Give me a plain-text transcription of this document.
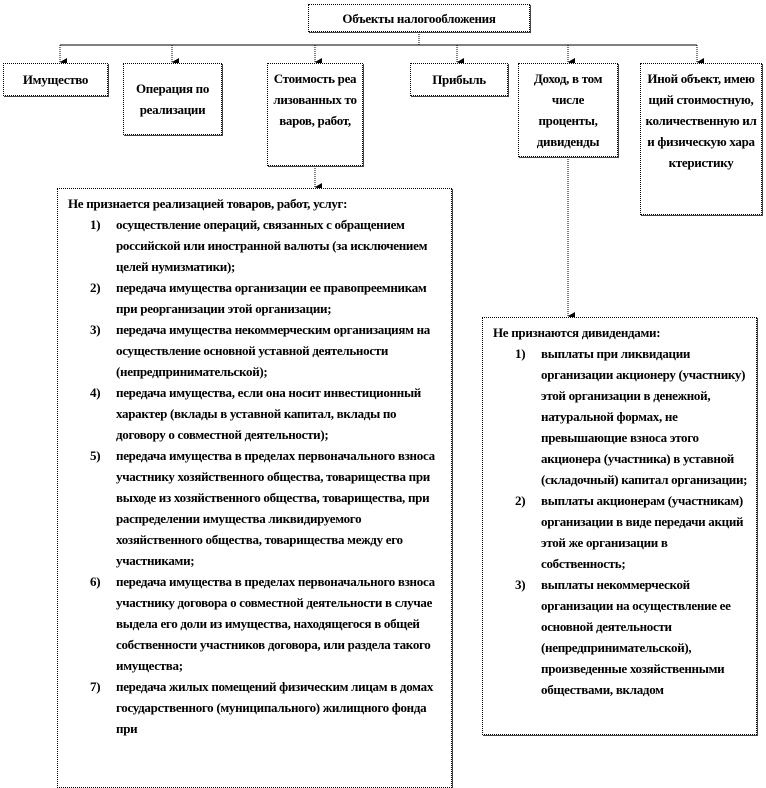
Объекты налогообложения
Имущество
Операция по реализации
Стоимость реализованных товаров, работ,
Прибыль	Доход, в том числе проценты, дивиденды
Иной объект, имеющий стоимостную, количественную или физическую характеристику
Не признается реализацией товаров, работ, услуг:
1) осуществление операций, связанных с обращением российской или иностранной валюты (за исключением целей нумизматики);
2) передача имущества организации ее правопреемникам при реорганизации этой организации;
3) передача имущества некоммерческим организациям на осуществление основной уставной деятельности (непредпринимательской);
4) передача имущества, если она носит инвестиционный характер (вклады в уставной капитал, вклады по договору о совместной деятельности);
5) передача имущества в пределах первоначального взноса участнику хозяйственного общества, товарищества при выходе из хозяйственного общества, товарищества, при распределении имущества ликвидируемого хозяйственного общества, товарищества между его участниками;
6) передача имущества в пределах первоначального взноса участнику договора о совместной деятельности в случае выдела его доли из имущества, находящегося в общей собственности участников договора, или раздела такого имущества;
7) передача жилых помещений физическим лицам в домах государственного (муниципального) жилищного фонда при
Не признаются дивидендами:
1) выплаты при ликвидации организации акционеру (участнику) этой организации в денежной, натуральной формах, не превышающие взноса этого акционера (участника) в уставной (складочный) капитал организации;
2) выплаты акционерам (участникам) организации в виде передачи акций этой же организации в собственность;
3) выплаты некоммерческой организации на осуществление ее основной деятельности (непредпринимательской), произведенные хозяйственными обществами, вкладом
